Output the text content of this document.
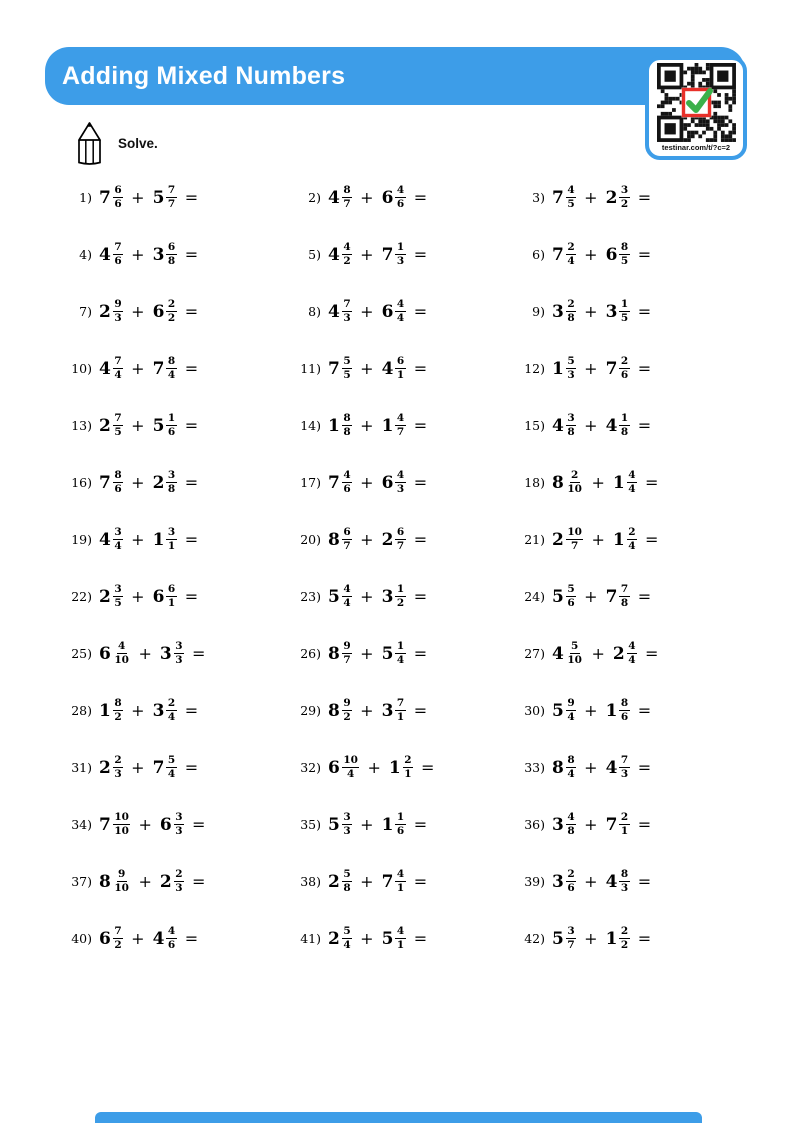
Adding Mixed Numbers
testinar.com/t/?c=2
Solve.
1) $7 \frac{6}{6} + 5 \frac{7}{7}$ =	2) $4 \frac{8}{7} + 6 \frac{4}{6}$ =	3) $7 \frac{4}{5} + 2 \frac{3}{2}$ =
4) $4 \frac{7}{6} + 3 \frac{6}{8}$ =	5) $4 \frac{4}{2} + 7 \frac{1}{3}$ =	6) $7 \frac{2}{4} + 6 \frac{8}{5}$ =
7) $2 \frac{9}{3} + 6 \frac{2}{2}$ =	8) $4 \frac{7}{3} + 6 \frac{4}{4}$ =	9) $3 \frac{2}{8} + 3 \frac{1}{5}$ =
10) $4 \frac{7}{4} + 7 \frac{8}{4}$ =	11) $7 \frac{5}{5} + 4 \frac{6}{1}$ =	12) $1 \frac{5}{3} + 7 \frac{2}{6}$ =
13) $2 \frac{7}{5} + 5 \frac{1}{6}$ =	14) $1 \frac{8}{8} + 1 \frac{4}{7}$ =	15) $4 \frac{3}{8} + 4 \frac{1}{8}$ =
16) $7 \frac{8}{6} + 2 \frac{3}{8}$ =	17) $7 \frac{4}{6} + 6 \frac{4}{3}$ =	18) $8 \frac{2}{10} + 1 \frac{4}{4}$ =
19) $4 \frac{3}{4} + 1 \frac{3}{1}$ =	20) $8 \frac{6}{7} + 2 \frac{6}{7}$ =	21) $2 \frac{10}{7} + 1 \frac{2}{4}$ =
22) $2 \frac{3}{5} + 6 \frac{6}{1}$ =	23) $5 \frac{4}{4} + 3 \frac{1}{2}$ =	24) $5 \frac{5}{6} + 7 \frac{7}{8}$ =
25) $6 \frac{4}{10} + 3 \frac{3}{3}$ =	26) $8 \frac{9}{7} + 5 \frac{1}{4}$ =	27) $4 \frac{5}{10} + 2 \frac{4}{4}$ =
28) $1 \frac{8}{2} + 3 \frac{2}{4}$ =	29) $8 \frac{9}{2} + 3 \frac{7}{1}$ =	30) $5 \frac{9}{4} + 1 \frac{8}{6}$ =
31) $2 \frac{2}{3} + 7 \frac{5}{4}$ =	32) $6 \frac{10}{4} + 1 \frac{2}{1}$ =	33) $8 \frac{8}{4} + 4 \frac{7}{3}$ =
34) $7 \frac{10}{10} + 6 \frac{3}{3}$ =	35) $5 \frac{3}{3} + 1 \frac{1}{6}$ =	36) $3 \frac{4}{8} + 7 \frac{2}{1}$ =
37) $8 \frac{9}{10} + 2 \frac{2}{3}$ =	38) $2 \frac{5}{8} + 7 \frac{4}{1}$ =	39) $3 \frac{2}{6} + 4 \frac{8}{3}$ =
40) $6 \frac{7}{2} + 4 \frac{4}{6}$ =	41) $2 \frac{5}{4} + 5 \frac{4}{1}$ =	42) $5 \frac{3}{7} + 1 \frac{2}{2}$ =
